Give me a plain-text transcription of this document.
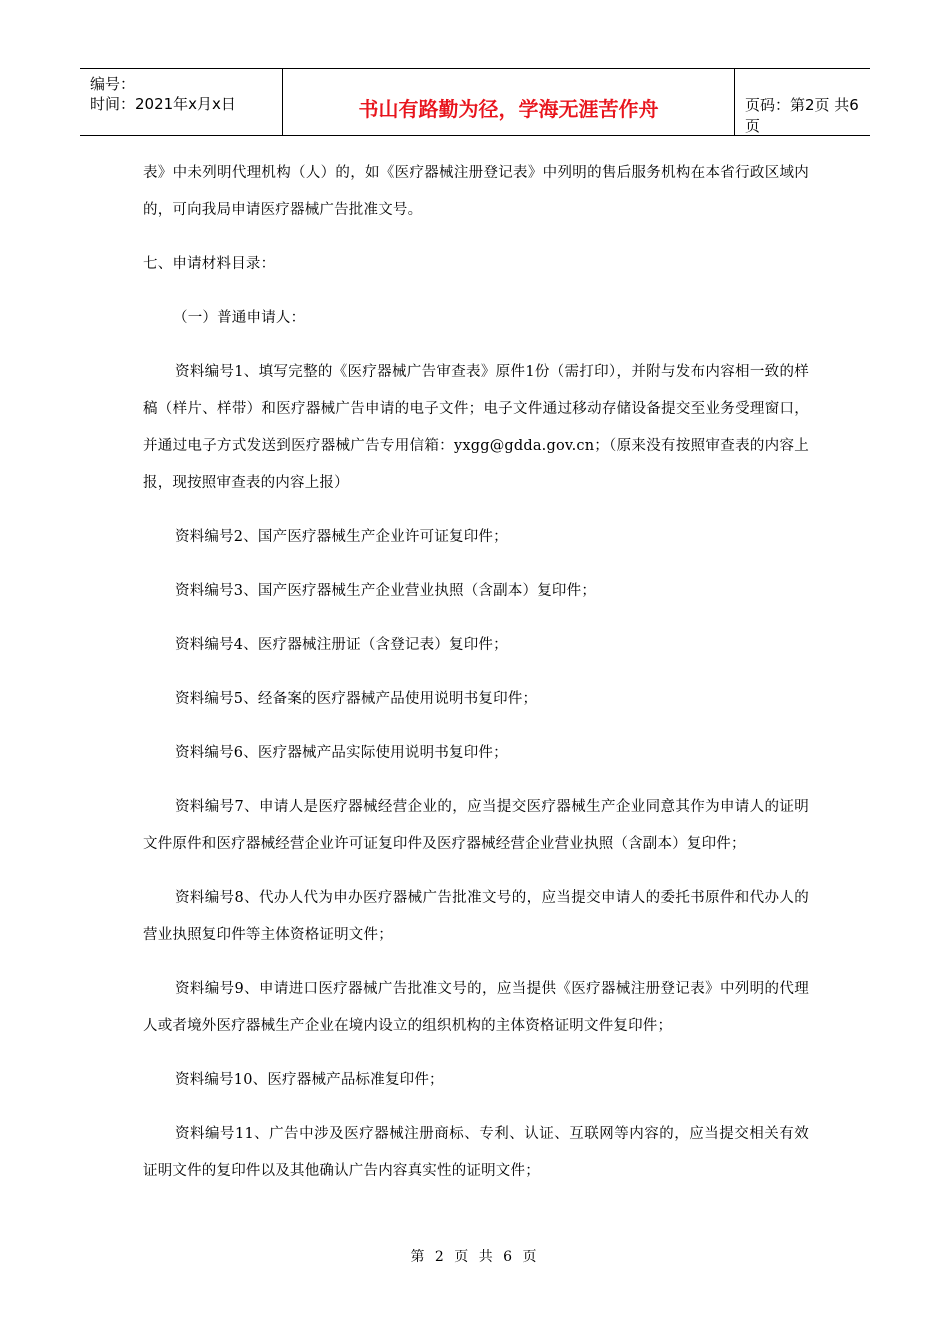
编号：
时间：2021年x月x日	书山有路勤为径，学海无涯苦作舟	页码：第2页 共6页

表》中未列明代理机构（人）的，如《医疗器械注册登记表》中列明的售后服务机构在本省行政区域内的，可向我局申请医疗器械广告批准文号。

七、申请材料目录：

（一）普通申请人：

资料编号1、填写完整的《医疗器械广告审查表》原件1份（需打印），并附与发布内容相一致的样稿（样片、样带）和医疗器械广告申请的电子文件；电子文件通过移动存储设备提交至业务受理窗口，并通过电子方式发送到医疗器械广告专用信箱：yxgg@gdda.gov.cn；（原来没有按照审查表的内容上报，现按照审查表的内容上报）

资料编号2、国产医疗器械生产企业许可证复印件；

资料编号3、国产医疗器械生产企业营业执照（含副本）复印件；

资料编号4、医疗器械注册证（含登记表）复印件；

资料编号5、经备案的医疗器械产品使用说明书复印件；

资料编号6、医疗器械产品实际使用说明书复印件；

资料编号7、申请人是医疗器械经营企业的，应当提交医疗器械生产企业同意其作为申请人的证明文件原件和医疗器械经营企业许可证复印件及医疗器械经营企业营业执照（含副本）复印件；

资料编号8、代办人代为申办医疗器械广告批准文号的，应当提交申请人的委托书原件和代办人的营业执照复印件等主体资格证明文件；

资料编号9、申请进口医疗器械广告批准文号的，应当提供《医疗器械注册登记表》中列明的代理人或者境外医疗器械生产企业在境内设立的组织机构的主体资格证明文件复印件；

资料编号10、医疗器械产品标准复印件；

资料编号11、广告中涉及医疗器械注册商标、专利、认证、互联网等内容的，应当提交相关有效证明文件的复印件以及其他确认广告内容真实性的证明文件；

第 2 页 共 6 页
